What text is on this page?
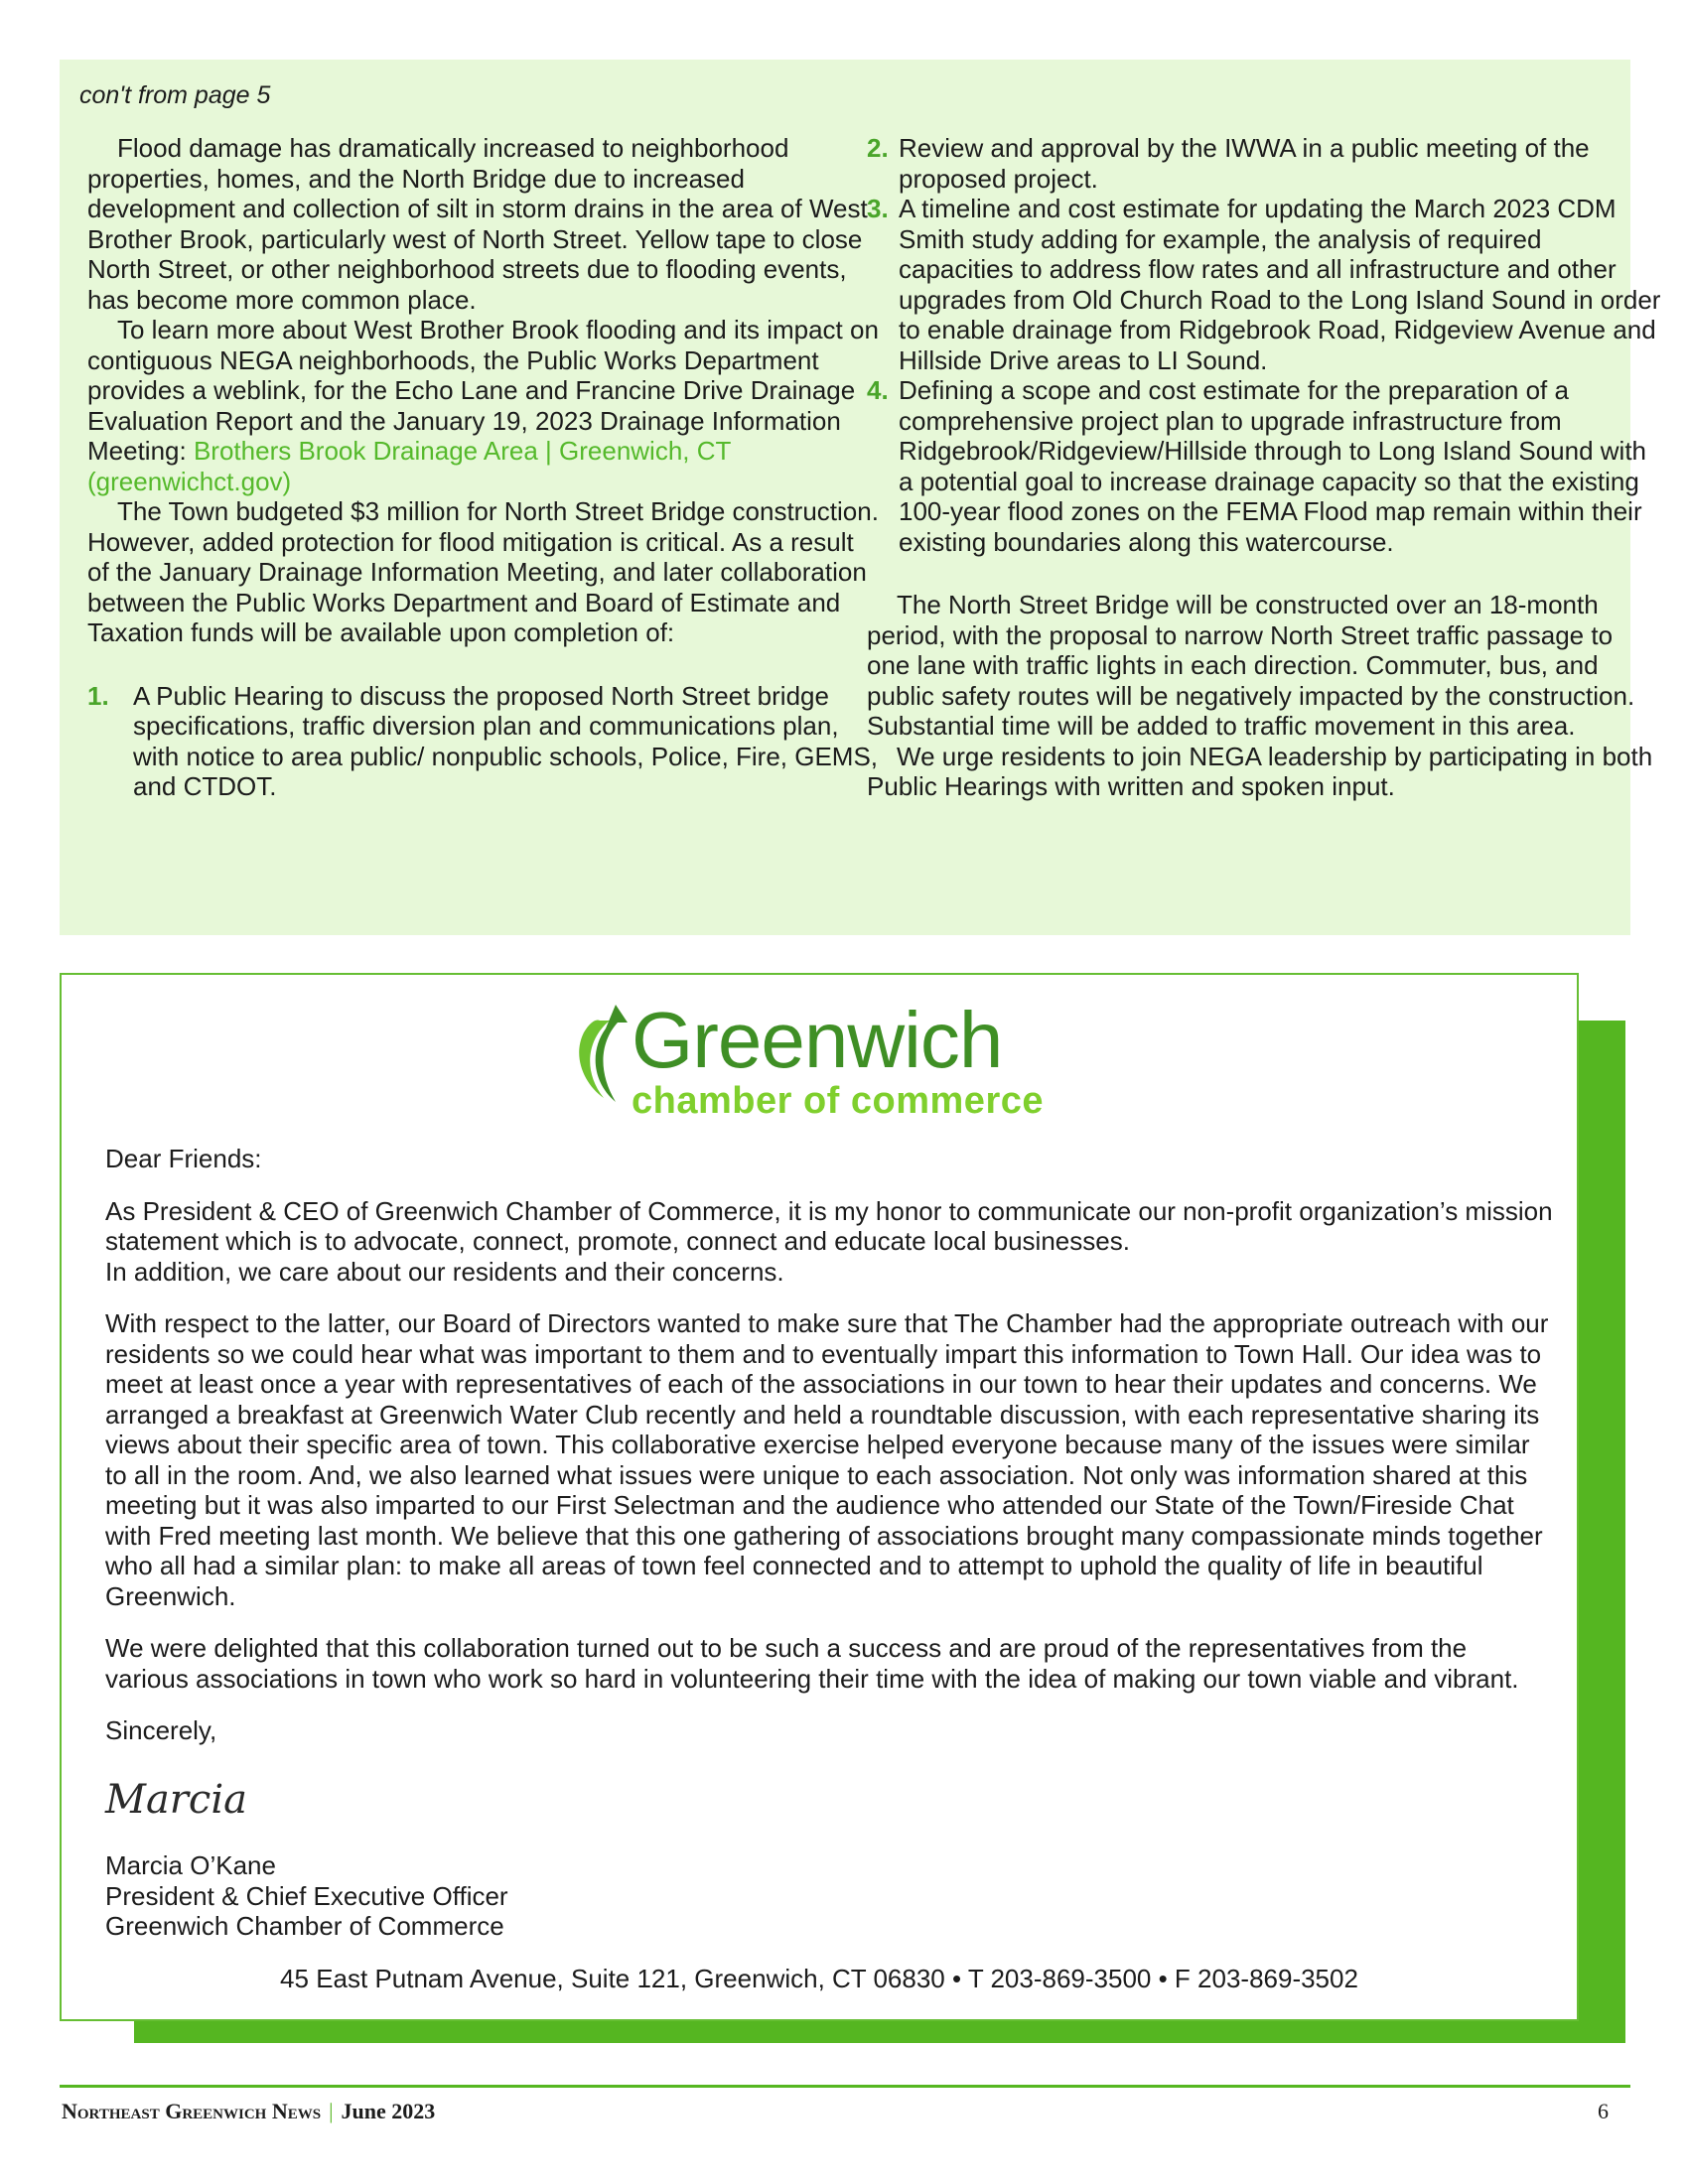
con't from page 5

Flood damage has dramatically increased to neighborhood properties, homes, and the North Bridge due to increased development and collection of silt in storm drains in the area of West Brother Brook, particularly west of North Street. Yellow tape to close North Street, or other neighborhood streets due to flooding events, has become more common place.

To learn more about West Brother Brook flooding and its impact on contiguous NEGA neighborhoods, the Public Works Department provides a weblink, for the Echo Lane and Francine Drive Drainage Evaluation Report and the January 19, 2023 Drainage Information Meeting: Brothers Brook Drainage Area | Greenwich, CT (greenwichct.gov)

The Town budgeted $3 million for North Street Bridge construction. However, added protection for flood mitigation is critical. As a result of the January Drainage Information Meeting, and later collaboration between the Public Works Department and Board of Estimate and Taxation funds will be available upon completion of:

1. A Public Hearing to discuss the proposed North Street bridge specifications, traffic diversion plan and communications plan, with notice to area public/ nonpublic schools, Police, Fire, GEMS, and CTDOT.
2. Review and approval by the IWWA in a public meeting of the proposed project.
3. A timeline and cost estimate for updating the March 2023 CDM Smith study adding for example, the analysis of required capacities to address flow rates and all infrastructure and other upgrades from Old Church Road to the Long Island Sound in order to enable drainage from Ridgebrook Road, Ridgeview Avenue and Hillside Drive areas to LI Sound.
4. Defining a scope and cost estimate for the preparation of a comprehensive project plan to upgrade infrastructure from Ridgebrook/Ridgeview/Hillside through to Long Island Sound with a potential goal to increase drainage capacity so that the existing 100-year flood zones on the FEMA Flood map remain within their existing boundaries along this watercourse.

The North Street Bridge will be constructed over an 18-month period, with the proposal to narrow North Street traffic passage to one lane with traffic lights in each direction. Commuter, bus, and public safety routes will be negatively impacted by the construction. Substantial time will be added to traffic movement in this area.

We urge residents to join NEGA leadership by participating in both Public Hearings with written and spoken input.

Greenwich
chamber of commerce

Dear Friends:

As President & CEO of Greenwich Chamber of Commerce, it is my honor to communicate our non-profit organization’s mission statement which is to advocate, connect, promote, connect and educate local businesses.
In addition, we care about our residents and their concerns.

With respect to the latter, our Board of Directors wanted to make sure that The Chamber had the appropriate outreach with our residents so we could hear what was important to them and to eventually impart this information to Town Hall. Our idea was to meet at least once a year with representatives of each of the associations in our town to hear their updates and concerns. We arranged a breakfast at Greenwich Water Club recently and held a roundtable discussion, with each representative sharing its views about their specific area of town. This collaborative exercise helped everyone because many of the issues were similar to all in the room. And, we also learned what issues were unique to each association. Not only was information shared at this meeting but it was also imparted to our First Selectman and the audience who attended our State of the Town/Fireside Chat with Fred meeting last month. We believe that this one gathering of associations brought many compassionate minds together who all had a similar plan: to make all areas of town feel connected and to attempt to uphold the quality of life in beautiful Greenwich.

We were delighted that this collaboration turned out to be such a success and are proud of the representatives from the various associations in town who work so hard in volunteering their time with the idea of making our town viable and vibrant.

Sincerely,

Marcia
Marcia O’Kane
President & Chief Executive Officer
Greenwich Chamber of Commerce
45 East Putnam Avenue, Suite 121, Greenwich, CT 06830 • T 203-869-3500 • F 203-869-3502
Northeast Greenwich News | June 2023	6
